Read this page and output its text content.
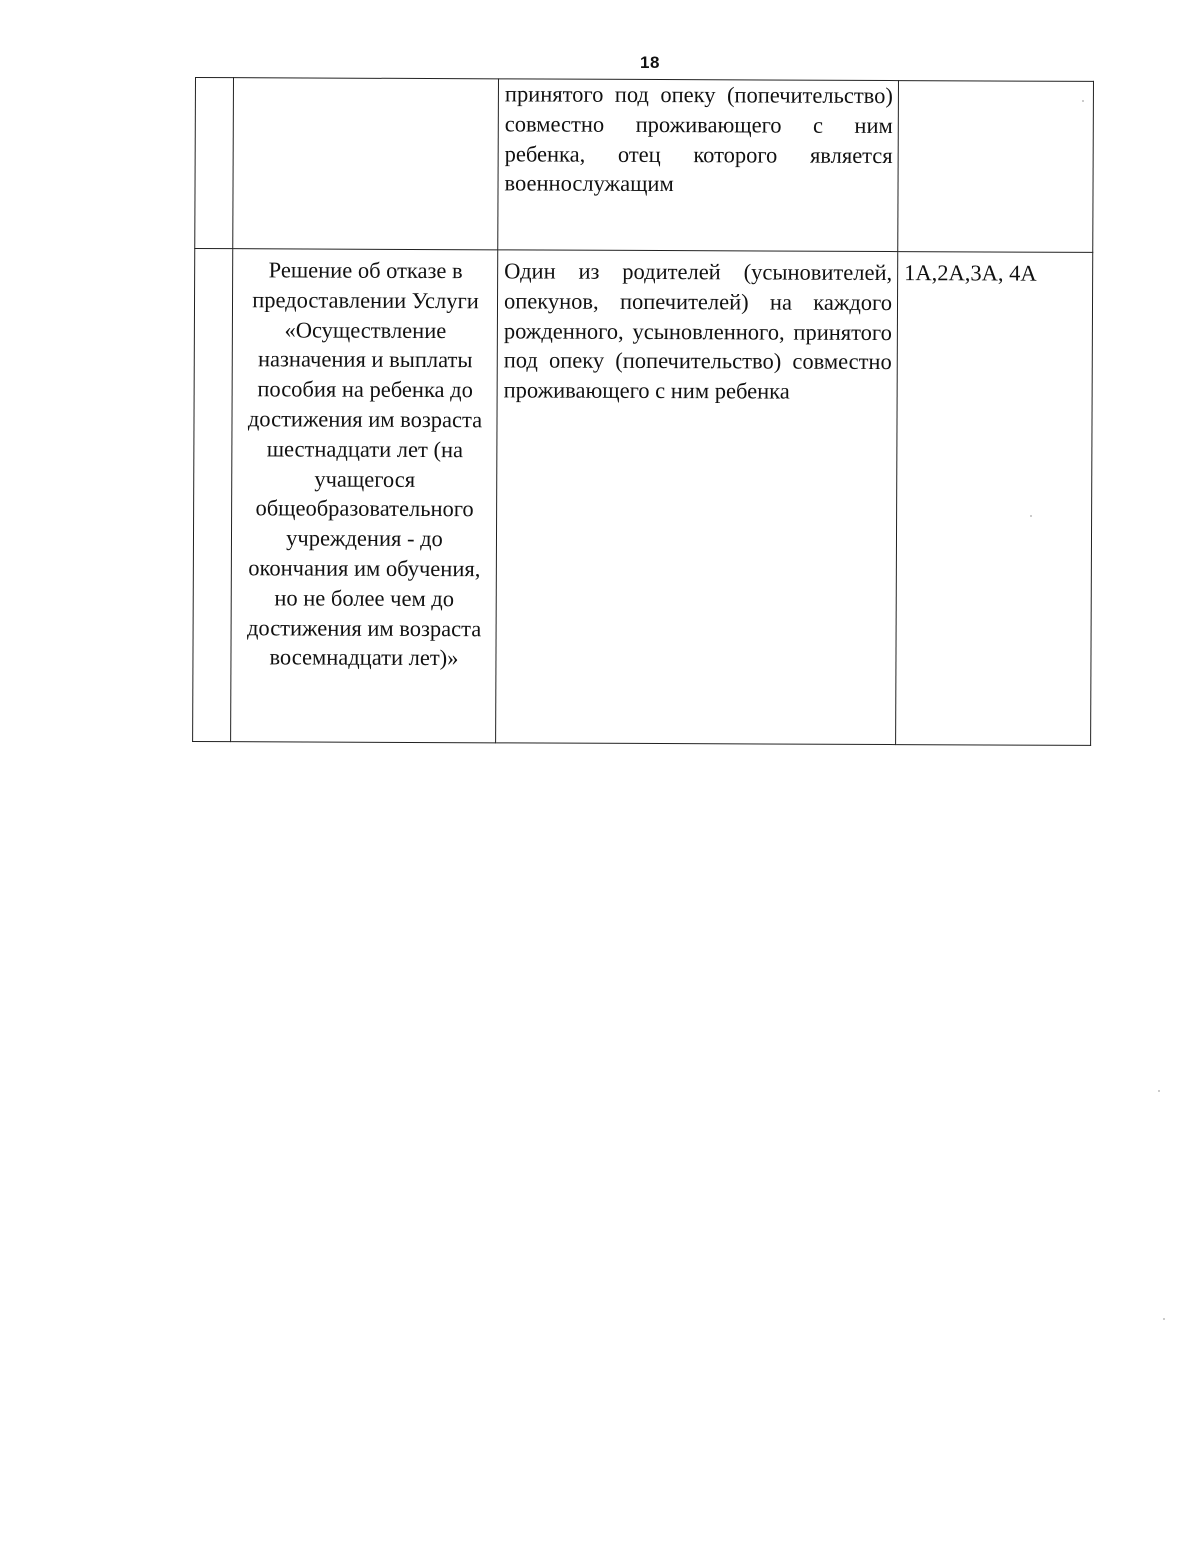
18

		принятого под опеку (попечительство) совместно проживающего с ним ребенка, отец которого является военнослужащим	

	Решение об отказе в предоставлении Услуги «Осуществление назначения и выплаты пособия на ребенка до достижения им возраста шестнадцати лет (на учащегося общеобразовательного учреждения - до окончания им обучения, но не более чем до достижения им возраста восемнадцати лет)»	Один из родителей (усыновителей, опекунов, попечителей) на каждого рожденного, усыновленного, принятого под опеку (попечительство) совместно проживающего с ним ребенка	1А,2А,3А, 4А
